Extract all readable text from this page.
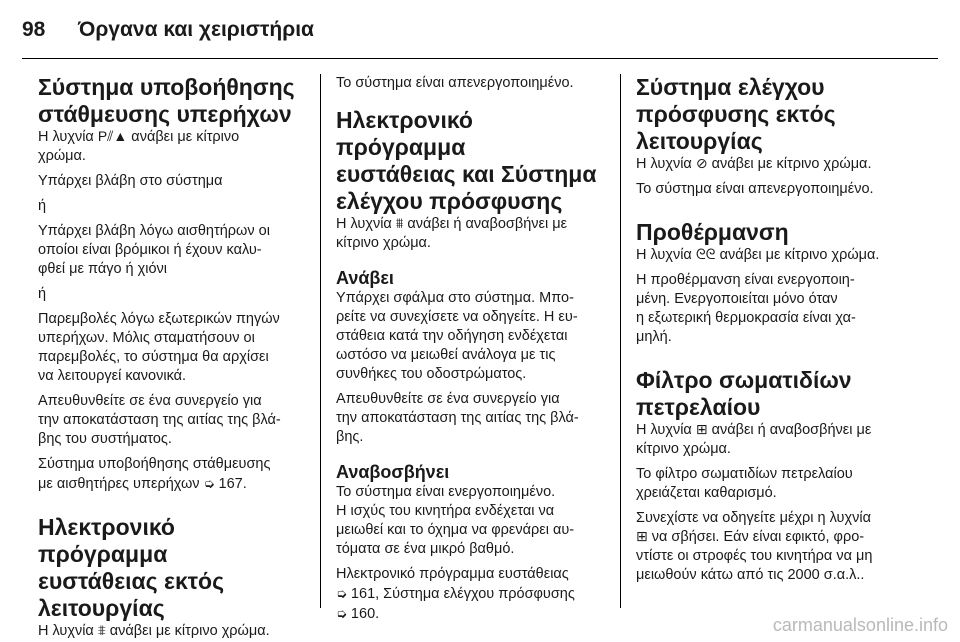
98 Όργανα και χειριστήρια
Σύστημα υποβοήθησης
στάθμευσης υπερήχων

Η λυχνία P⫽▲ ανάβει με κίτρινο
χρώμα.

Υπάρχει βλάβη στο σύστημα

ή

Υπάρχει βλάβη λόγω αισθητήρων οι
οποίοι είναι βρόμικοι ή έχουν καλυ-
φθεί με πάγο ή χιόνι

ή

Παρεμβολές λόγω εξωτερικών πηγών
υπερήχων. Μόλις σταματήσουν οι
παρεμβολές, το σύστημα θα αρχίσει
να λειτουργεί κανονικά.

Απευθυνθείτε σε ένα συνεργείο για
την αποκατάσταση της αιτίας της βλά-
βης του συστήματος.

Σύστημα υποβοήθησης στάθμευσης
με αισθητήρες υπερήχων ➭ 167.

Ηλεκτρονικό πρόγραμμα
ευστάθειας εκτός
λειτουργίας

Η λυχνία ⩨ ανάβει με κίτρινο χρώμα.

Το σύστημα είναι απενεργοποιημένο.

Ηλεκτρονικό πρόγραμμα
ευστάθειας και Σύστημα
ελέγχου πρόσφυσης

Η λυχνία ⩩ ανάβει ή αναβοσβήνει με
κίτρινο χρώμα.

Ανάβει

Υπάρχει σφάλμα στο σύστημα. Μπο-
ρείτε να συνεχίσετε να οδηγείτε. Η ευ-
στάθεια κατά την οδήγηση ενδέχεται
ωστόσο να μειωθεί ανάλογα με τις
συνθήκες του οδοστρώματος.

Απευθυνθείτε σε ένα συνεργείο για
την αποκατάσταση της αιτίας της βλά-
βης.

Αναβοσβήνει

Το σύστημα είναι ενεργοποιημένο.
Η ισχύς του κινητήρα ενδέχεται να
μειωθεί και το όχημα να φρενάρει αυ-
τόματα σε ένα μικρό βαθμό.

Ηλεκτρονικό πρόγραμμα ευστάθειας
➭ 161, Σύστημα ελέγχου πρόσφυσης
➭ 160.

Σύστημα ελέγχου
πρόσφυσης εκτός
λειτουργίας

Η λυχνία ⊘ ανάβει με κίτρινο χρώμα.

Το σύστημα είναι απενεργοποιημένο.

Προθέρμανση

Η λυχνία ᘓᘓ ανάβει με κίτρινο χρώμα.

Η προθέρμανση είναι ενεργοποιη-
μένη. Ενεργοποιείται μόνο όταν
η εξωτερική θερμοκρασία είναι χα-
μηλή.

Φίλτρο σωματιδίων
πετρελαίου

Η λυχνία ⊞ ανάβει ή αναβοσβήνει με
κίτρινο χρώμα.

Το φίλτρο σωματιδίων πετρελαίου
χρειάζεται καθαρισμό.

Συνεχίστε να οδηγείτε μέχρι η λυχνία
⊞ να σβήσει. Εάν είναι εφικτό, φρο-
ντίστε οι στροφές του κινητήρα να μη
μειωθούν κάτω από τις 2000 σ.α.λ..

carmanualsonline.info
